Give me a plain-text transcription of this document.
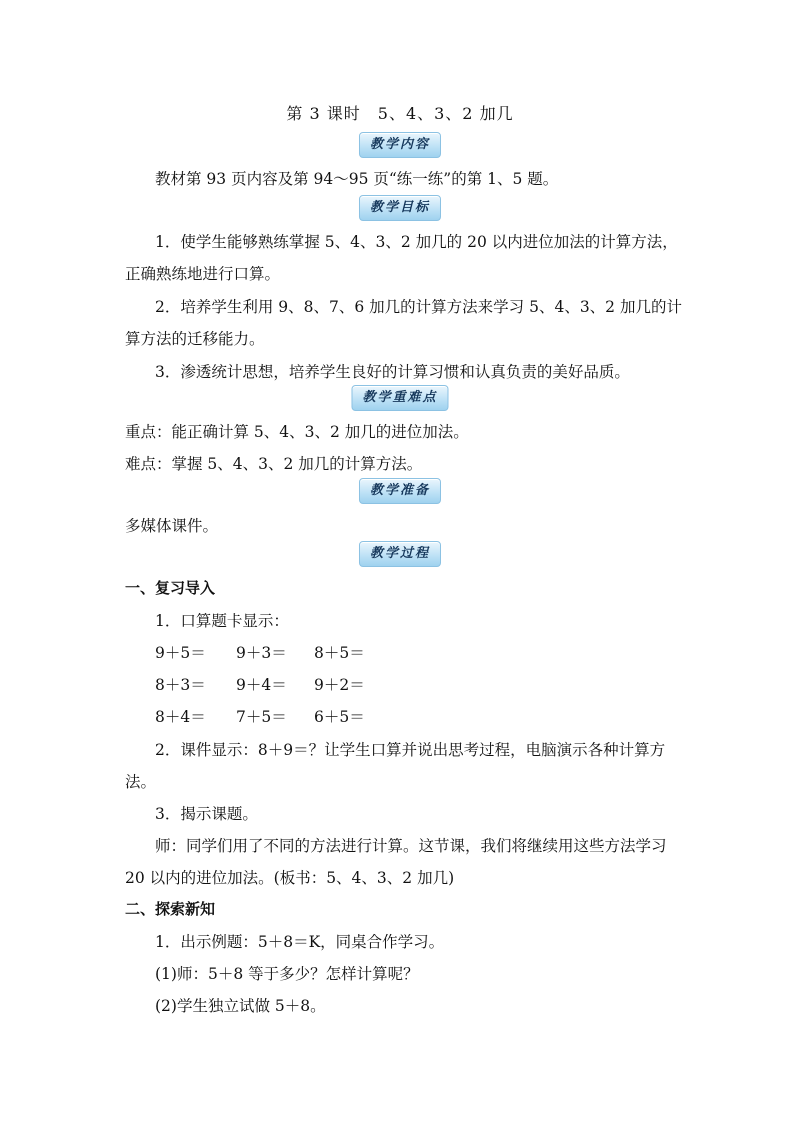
第 3 课时　5、4、3、2 加几
教学内容
教材第 93 页内容及第 94～95 页“练一练”的第 1、5 题。
教学目标
1．使学生能够熟练掌握 5、4、3、2 加几的 20 以内进位加法的计算方法，
正确熟练地进行口算。
2．培养学生利用 9、8、7、6 加几的计算方法来学习 5、4、3、2 加几的计
算方法的迁移能力。
3．渗透统计思想，培养学生良好的计算习惯和认真负责的美好品质。
教学重难点
重点：能正确计算 5、4、3、2 加几的进位加法。
难点：掌握 5、4、3、2 加几的计算方法。
教学准备
多媒体课件。
教学过程
一、复习导入
1．口算题卡显示：
9＋5＝ 9＋3＝ 8＋5＝
8＋3＝ 9＋4＝ 9＋2＝
8＋4＝ 7＋5＝ 6＋5＝
2．课件显示：8＋9＝？让学生口算并说出思考过程，电脑演示各种计算方
法。
3．揭示课题。
师：同学们用了不同的方法进行计算。这节课，我们将继续用这些方法学习
20 以内的进位加法。(板书：5、4、3、2 加几)
二、探索新知
1．出示例题：5＋8＝K，同桌合作学习。
(1)师：5＋8 等于多少？怎样计算呢？
(2)学生独立试做 5＋8。
